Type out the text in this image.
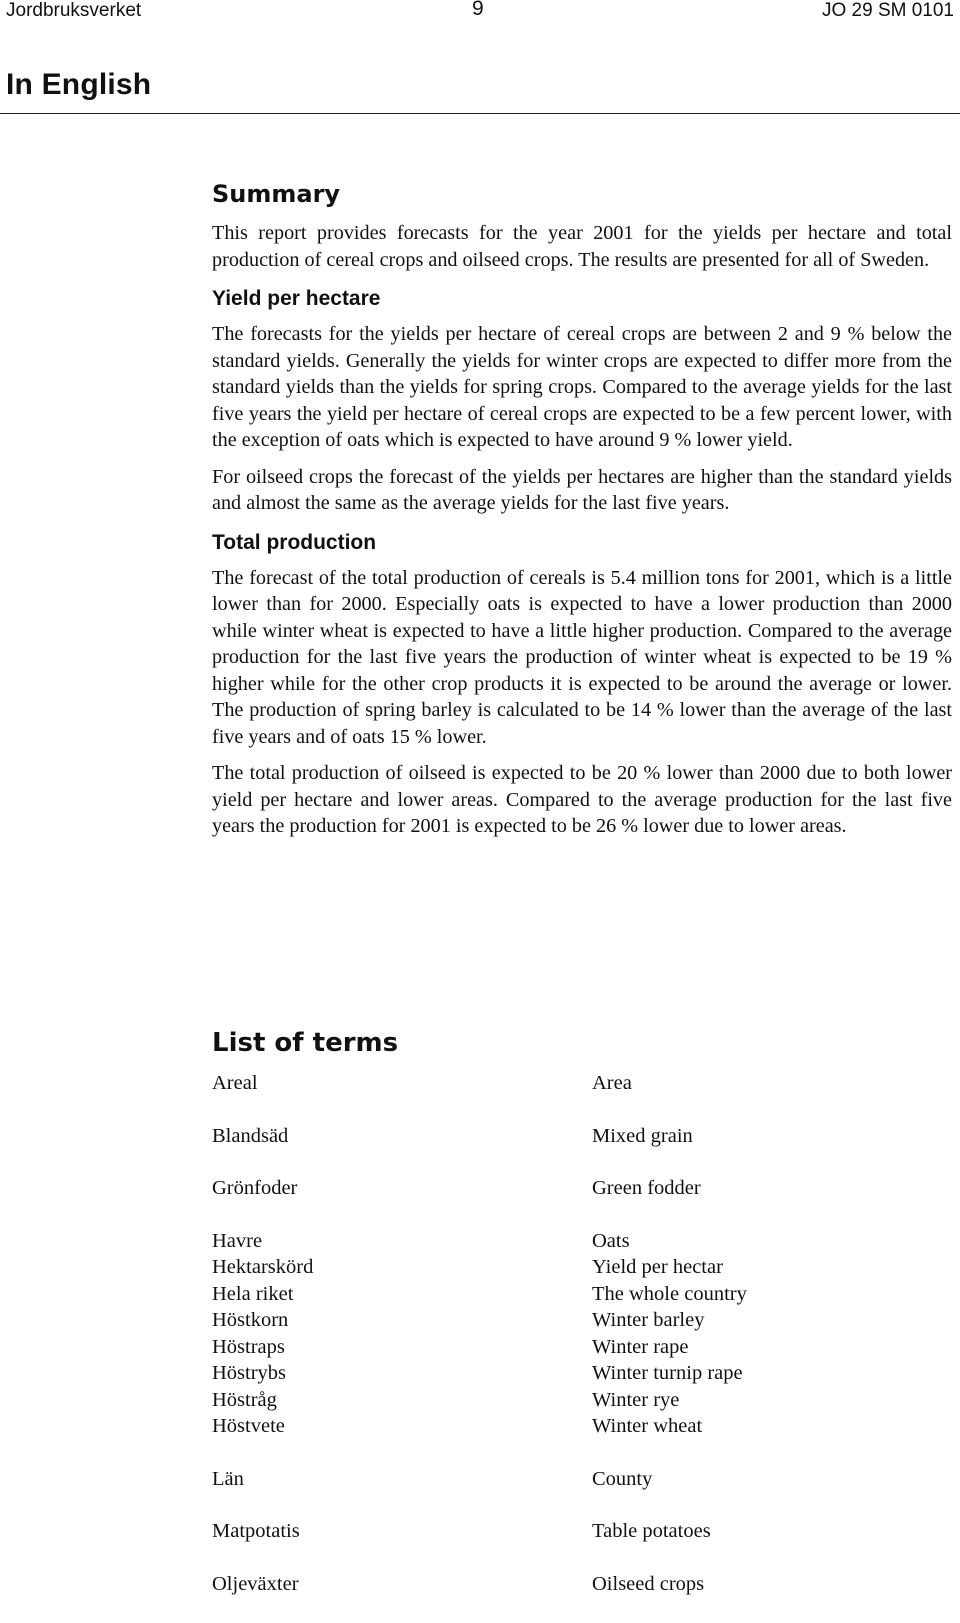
Jordbruksverket	9	JO 29 SM 0101
In English
Summary

This report provides forecasts for the year 2001 for the yields per hectare and total production of cereal crops and oilseed crops. The results are presented for all of Sweden.

Yield per hectare

The forecasts for the yields per hectare of cereal crops are between 2 and 9 % below the standard yields. Generally the yields for winter crops are expected to differ more from the standard yields than the yields for spring crops. Compared to the average yields for the last five years the yield per hectare of cereal crops are expected to be a few percent lower, with the exception of oats which is expected to have around 9 % lower yield.

For oilseed crops the forecast of the yields per hectares are higher than the standard yields and almost the same as the average yields for the last five years.

Total production

The forecast of the total production of cereals is 5.4 million tons for 2001, which is a little lower than for 2000. Especially oats is expected to have a lower production than 2000 while winter wheat is expected to have a little higher production. Compared to the average production for the last five years the production of winter wheat is expected to be 19 % higher while for the other crop products it is expected to be around the average or lower. The production of spring barley is calculated to be 14 % lower than the average of the last five years and of oats 15 % lower.

The total production of oilseed is expected to be 20 % lower than 2000 due to both lower yield per hectare and lower areas. Compared to the average production for the last five years the production for 2001 is expected to be 26 % lower due to lower areas.

List of terms
Areal	Area
Blandsäd	Mixed grain
Grönfoder	Green fodder
Havre	Oats
Hektarskörd	Yield per hectar
Hela riket	The whole country
Höstkorn	Winter barley
Höstraps	Winter rape
Höstrybs	Winter turnip rape
Höstråg	Winter rye
Höstvete	Winter wheat
Län	County
Matpotatis	Table potatoes
Oljeväxter	Oilseed crops
